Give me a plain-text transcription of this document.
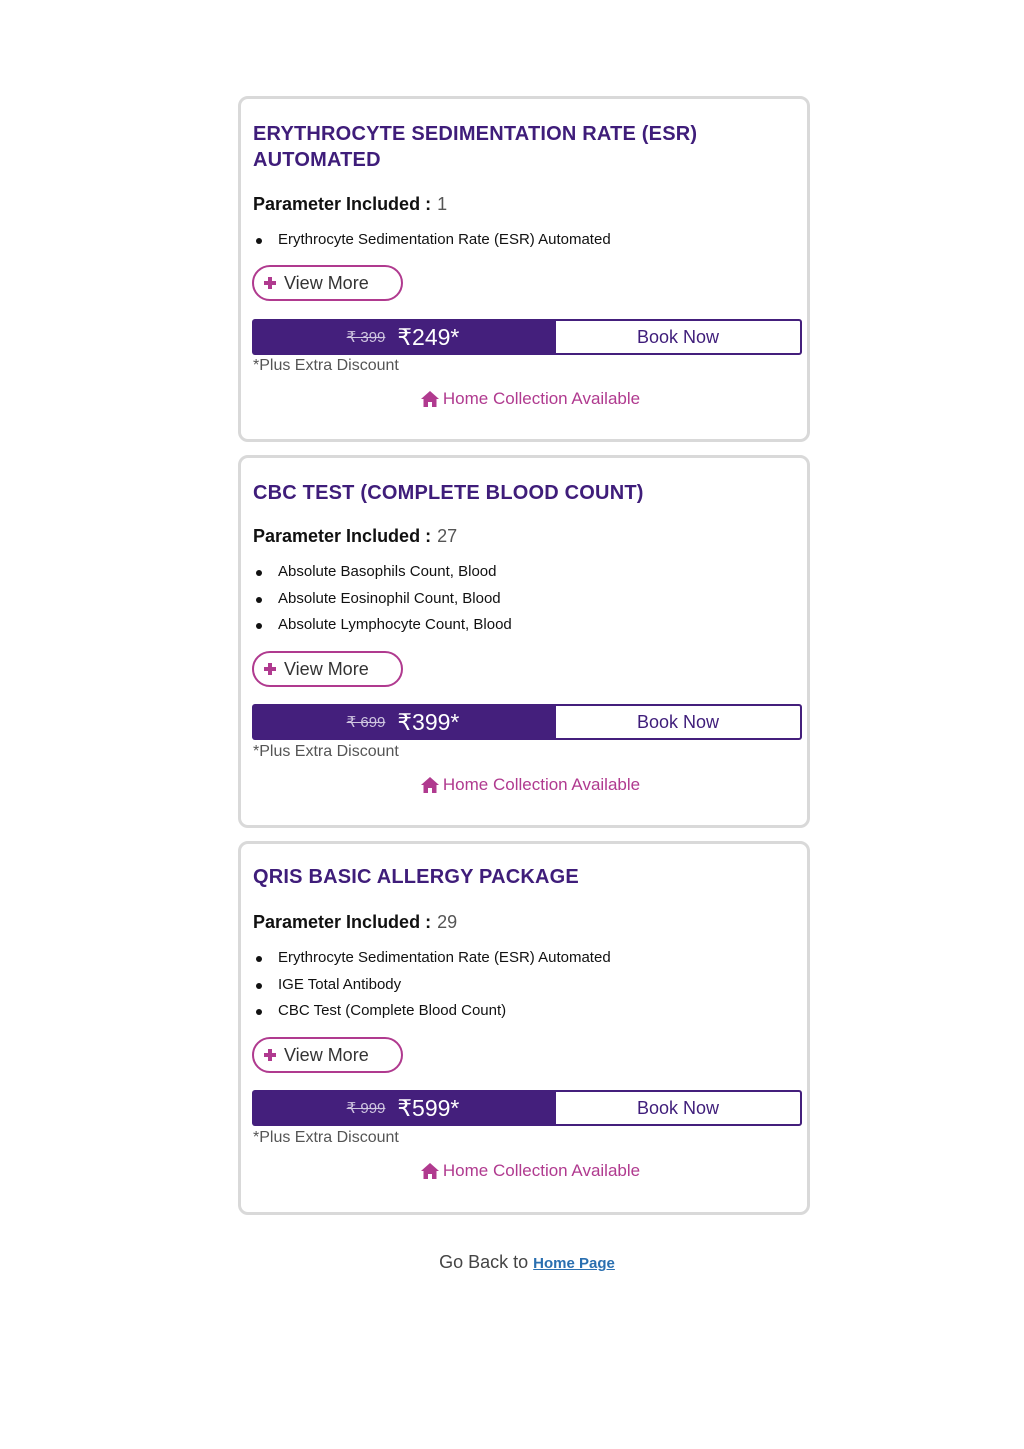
ERYTHROCYTE SEDIMENTATION RATE (ESR) AUTOMATED
Parameter Included : 1
Erythrocyte Sedimentation Rate (ESR) Automated
View More
₹ 399 ₹249*	Book Now
*Plus Extra Discount
Home Collection Available
CBC TEST (COMPLETE BLOOD COUNT)
Parameter Included : 27
Absolute Basophils Count, Blood
Absolute Eosinophil Count, Blood
Absolute Lymphocyte Count, Blood
View More
₹ 699 ₹399*	Book Now
*Plus Extra Discount
Home Collection Available
QRIS BASIC ALLERGY PACKAGE
Parameter Included : 29
Erythrocyte Sedimentation Rate (ESR) Automated
IGE Total Antibody
CBC Test (Complete Blood Count)
View More
₹ 999 ₹599*	Book Now
*Plus Extra Discount
Home Collection Available
Go Back to Home Page
